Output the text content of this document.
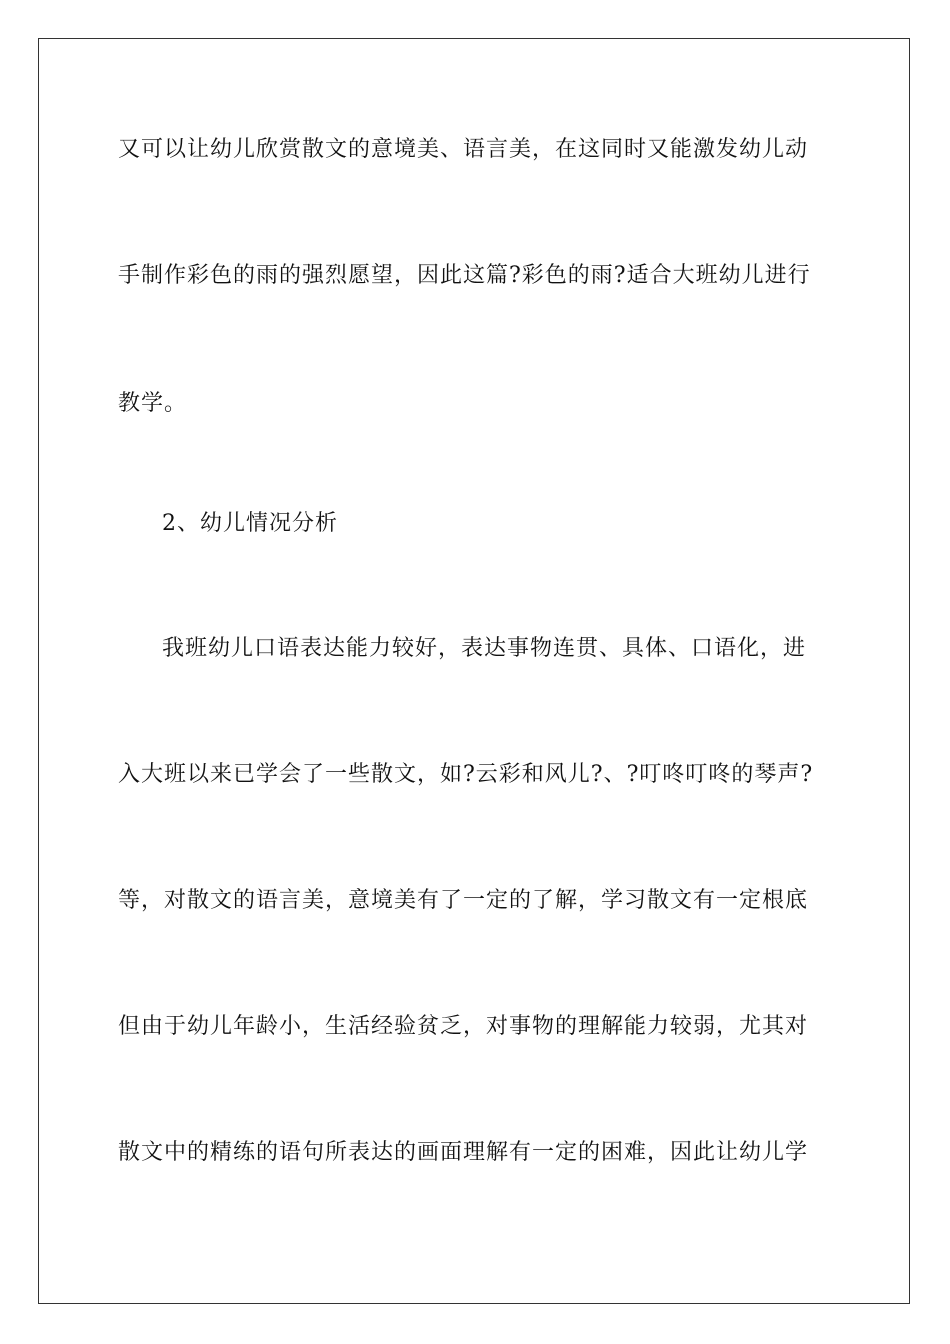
又可以让幼儿欣赏散文的意境美、语言美，在这同时又能激发幼儿动
手制作彩色的雨的强烈愿望，因此这篇?彩色的雨?适合大班幼儿进行
教学。
2、幼儿情况分析
我班幼儿口语表达能力较好，表达事物连贯、具体、口语化，进
入大班以来已学会了一些散文，如?云彩和风儿?、?叮咚叮咚的琴声?
等，对散文的语言美，意境美有了一定的了解，学习散文有一定根底
但由于幼儿年龄小，生活经验贫乏，对事物的理解能力较弱，尤其对
散文中的精练的语句所表达的画面理解有一定的困难，因此让幼儿学
